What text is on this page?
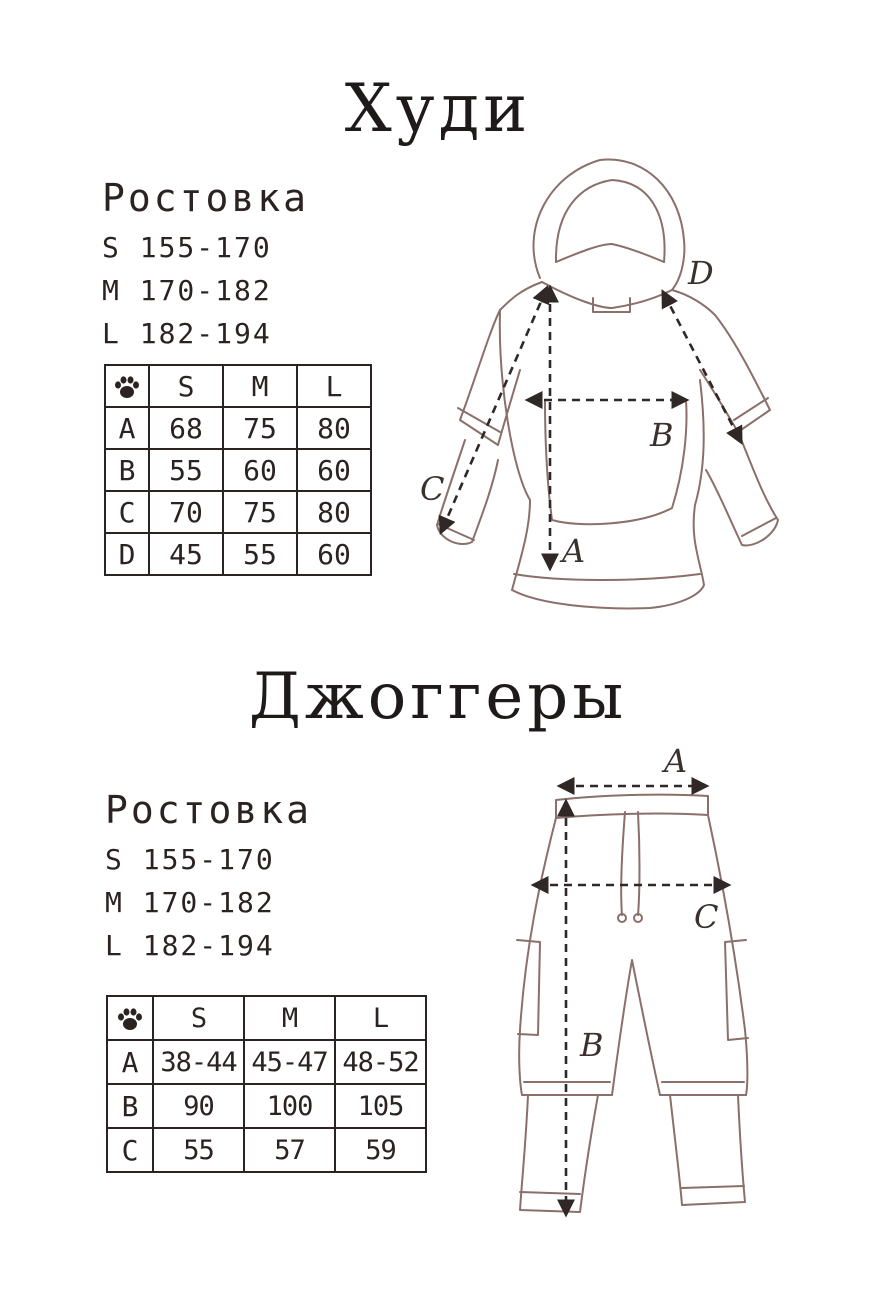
Худи
Ростовка
S 155-170
M 170-182
L 182-194
	S	M	L
A	68	75	80
B	55	60	60
C	70	75	80
D	45	55	60
Джоггеры
Ростовка
S 155-170
M 170-182
L 182-194
	S	M	L
A	38-44	45-47	48-52
B	90	100	105
C	55	57	59
A
B
C
D
A
B
C
